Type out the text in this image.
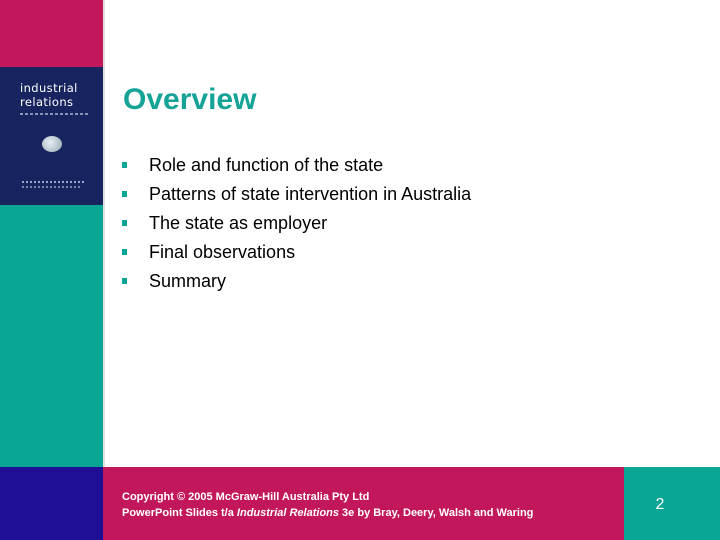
industrial
relations	Overview
Role and function of the state
Patterns of state intervention in Australia
The state as employer
Final observations
Summary
Copyright © 2005 McGraw-Hill Australia Pty Ltd
PowerPoint Slides t/a Industrial Relations 3e by Bray, Deery, Walsh and Waring	2
